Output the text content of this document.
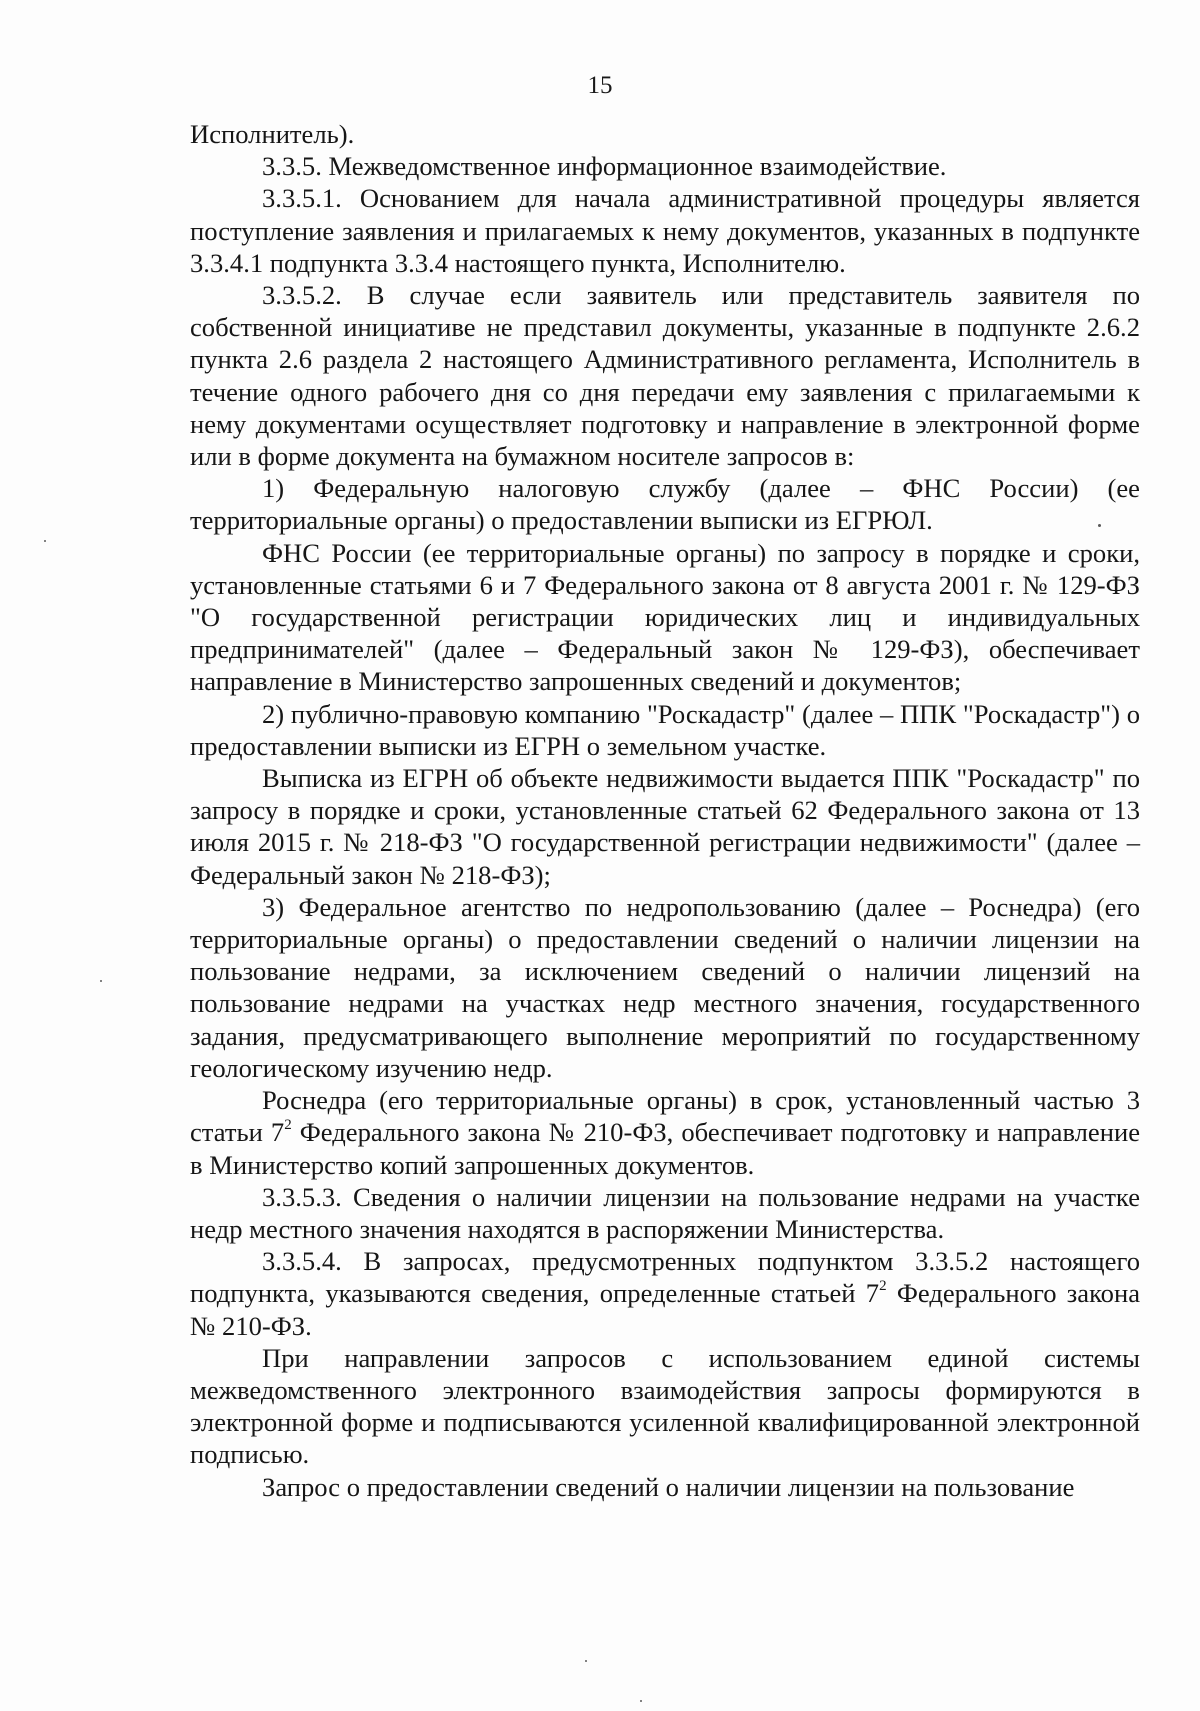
15

Исполнитель).

3.3.5. Межведомственное информационное взаимодействие.

3.3.5.1. Основанием для начала административной процедуры является поступление заявления и прилагаемых к нему документов, указанных в подпункте 3.3.4.1 подпункта 3.3.4 настоящего пункта, Исполнителю.

3.3.5.2. В случае если заявитель или представитель заявителя по собственной инициативе не представил документы, указанные в подпункте 2.6.2 пункта 2.6 раздела 2 настоящего Административного регламента, Исполнитель в течение одного рабочего дня со дня передачи ему заявления с прилагаемыми к нему документами осуществляет подготовку и направление в электронной форме или в форме документа на бумажном носителе запросов в:

1) Федеральную налоговую службу (далее – ФНС России) (ее территориальные органы) о предоставлении выписки из ЕГРЮЛ.

ФНС России (ее территориальные органы) по запросу в порядке и сроки, установленные статьями 6 и 7 Федерального закона от 8 августа 2001 г. № 129-ФЗ "О государственной регистрации юридических лиц и индивидуальных предпринимателей" (далее – Федеральный закон № 129-ФЗ), обеспечивает направление в Министерство запрошенных сведений и документов;

2) публично-правовую компанию "Роскадастр" (далее – ППК "Роскадастр") о предоставлении выписки из ЕГРН о земельном участке.

Выписка из ЕГРН об объекте недвижимости выдается ППК "Роскадастр" по запросу в порядке и сроки, установленные статьей 62 Федерального закона от 13 июля 2015 г. № 218-ФЗ "О государственной регистрации недвижимости" (далее – Федеральный закон № 218-ФЗ);

3) Федеральное агентство по недропользованию (далее – Роснедра) (его территориальные органы) о предоставлении сведений о наличии лицензии на пользование недрами, за исключением сведений о наличии лицензий на пользование недрами на участках недр местного значения, государственного задания, предусматривающего выполнение мероприятий по государственному геологическому изучению недр.

Роснедра (его территориальные органы) в срок, установленный частью 3 статьи $7^2$ Федерального закона № 210-ФЗ, обеспечивает подготовку и направление в Министерство копий запрошенных документов.

3.3.5.3. Сведения о наличии лицензии на пользование недрами на участке недр местного значения находятся в распоряжении Министерства.

3.3.5.4. В запросах, предусмотренных подпунктом 3.3.5.2 настоящего подпункта, указываются сведения, определенные статьей $7^2$ Федерального закона № 210-ФЗ.

При направлении запросов с использованием единой системы межведомственного электронного взаимодействия запросы формируются в электронной форме и подписываются усиленной квалифицированной электронной подписью.

Запрос о предоставлении сведений о наличии лицензии на пользование
